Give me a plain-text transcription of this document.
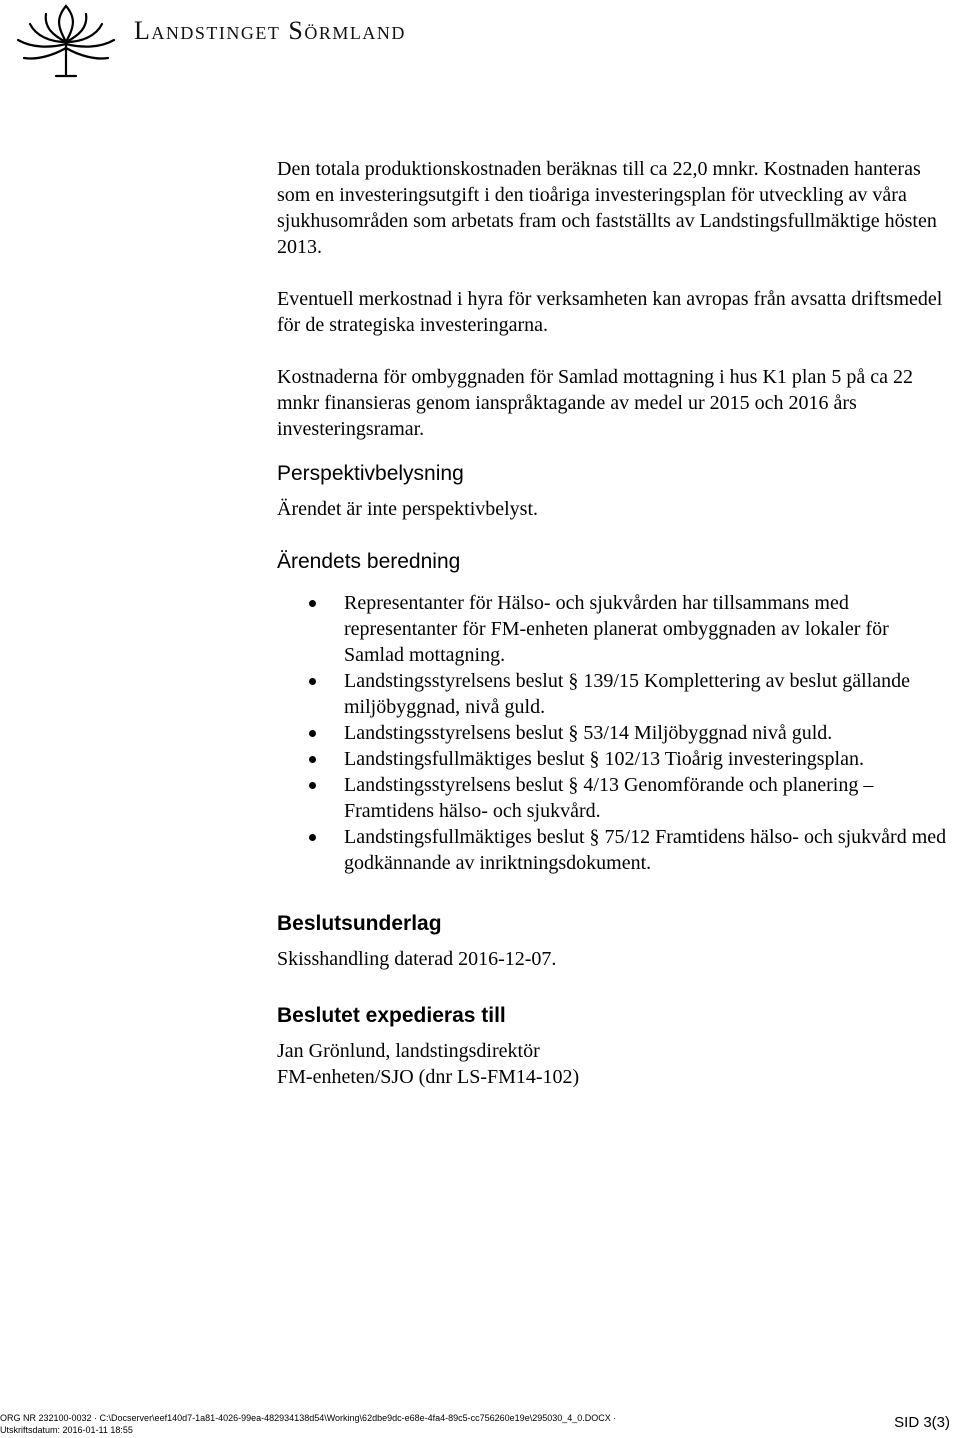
Landstinget Sörmland

Den totala produktionskostnaden beräknas till ca 22,0 mnkr. Kostnaden hanteras som en investeringsutgift i den tioåriga investeringsplan för utveckling av våra sjukhusområden som arbetats fram och fastställts av Landstingsfullmäktige hösten 2013.

Eventuell merkostnad i hyra för verksamheten kan avropas från avsatta driftsmedel för de strategiska investeringarna.

Kostnaderna för ombyggnaden för Samlad mottagning i hus K1 plan 5 på ca 22 mnkr finansieras genom ianspråktagande av medel ur 2015 och 2016 års investeringsramar.

Perspektivbelysning

Ärendet är inte perspektivbelyst.

Ärendets beredning
Representanter för Hälso- och sjukvården har tillsammans med representanter för FM-enheten planerat ombyggnaden av lokaler för Samlad mottagning.
Landstingsstyrelsens beslut § 139/15 Komplettering av beslut gällande miljöbyggnad, nivå guld.
Landstingsstyrelsens beslut § 53/14 Miljöbyggnad nivå guld.
Landstingsfullmäktiges beslut § 102/13 Tioårig investeringsplan.
Landstingsstyrelsens beslut § 4/13 Genomförande och planering – Framtidens hälso- och sjukvård.
Landstingsfullmäktiges beslut § 75/12 Framtidens hälso- och sjukvård med godkännande av inriktningsdokument.
Beslutsunderlag

Skisshandling daterad 2016-12-07.

Beslutet expedieras till

Jan Grönlund, landstingsdirektör

FM-enheten/SJO (dnr LS-FM14-102)

ORG NR 232100-0032 · C:\Docserver\eef140d7-1a81-4026-99ea-482934138d54\Working\62dbe9dc-e68e-4fa4-89c5-cc756260e19e\295030_4_0.DOCX ·
Utskriftsdatum: 2016-01-11 18:55	SID 3(3)
